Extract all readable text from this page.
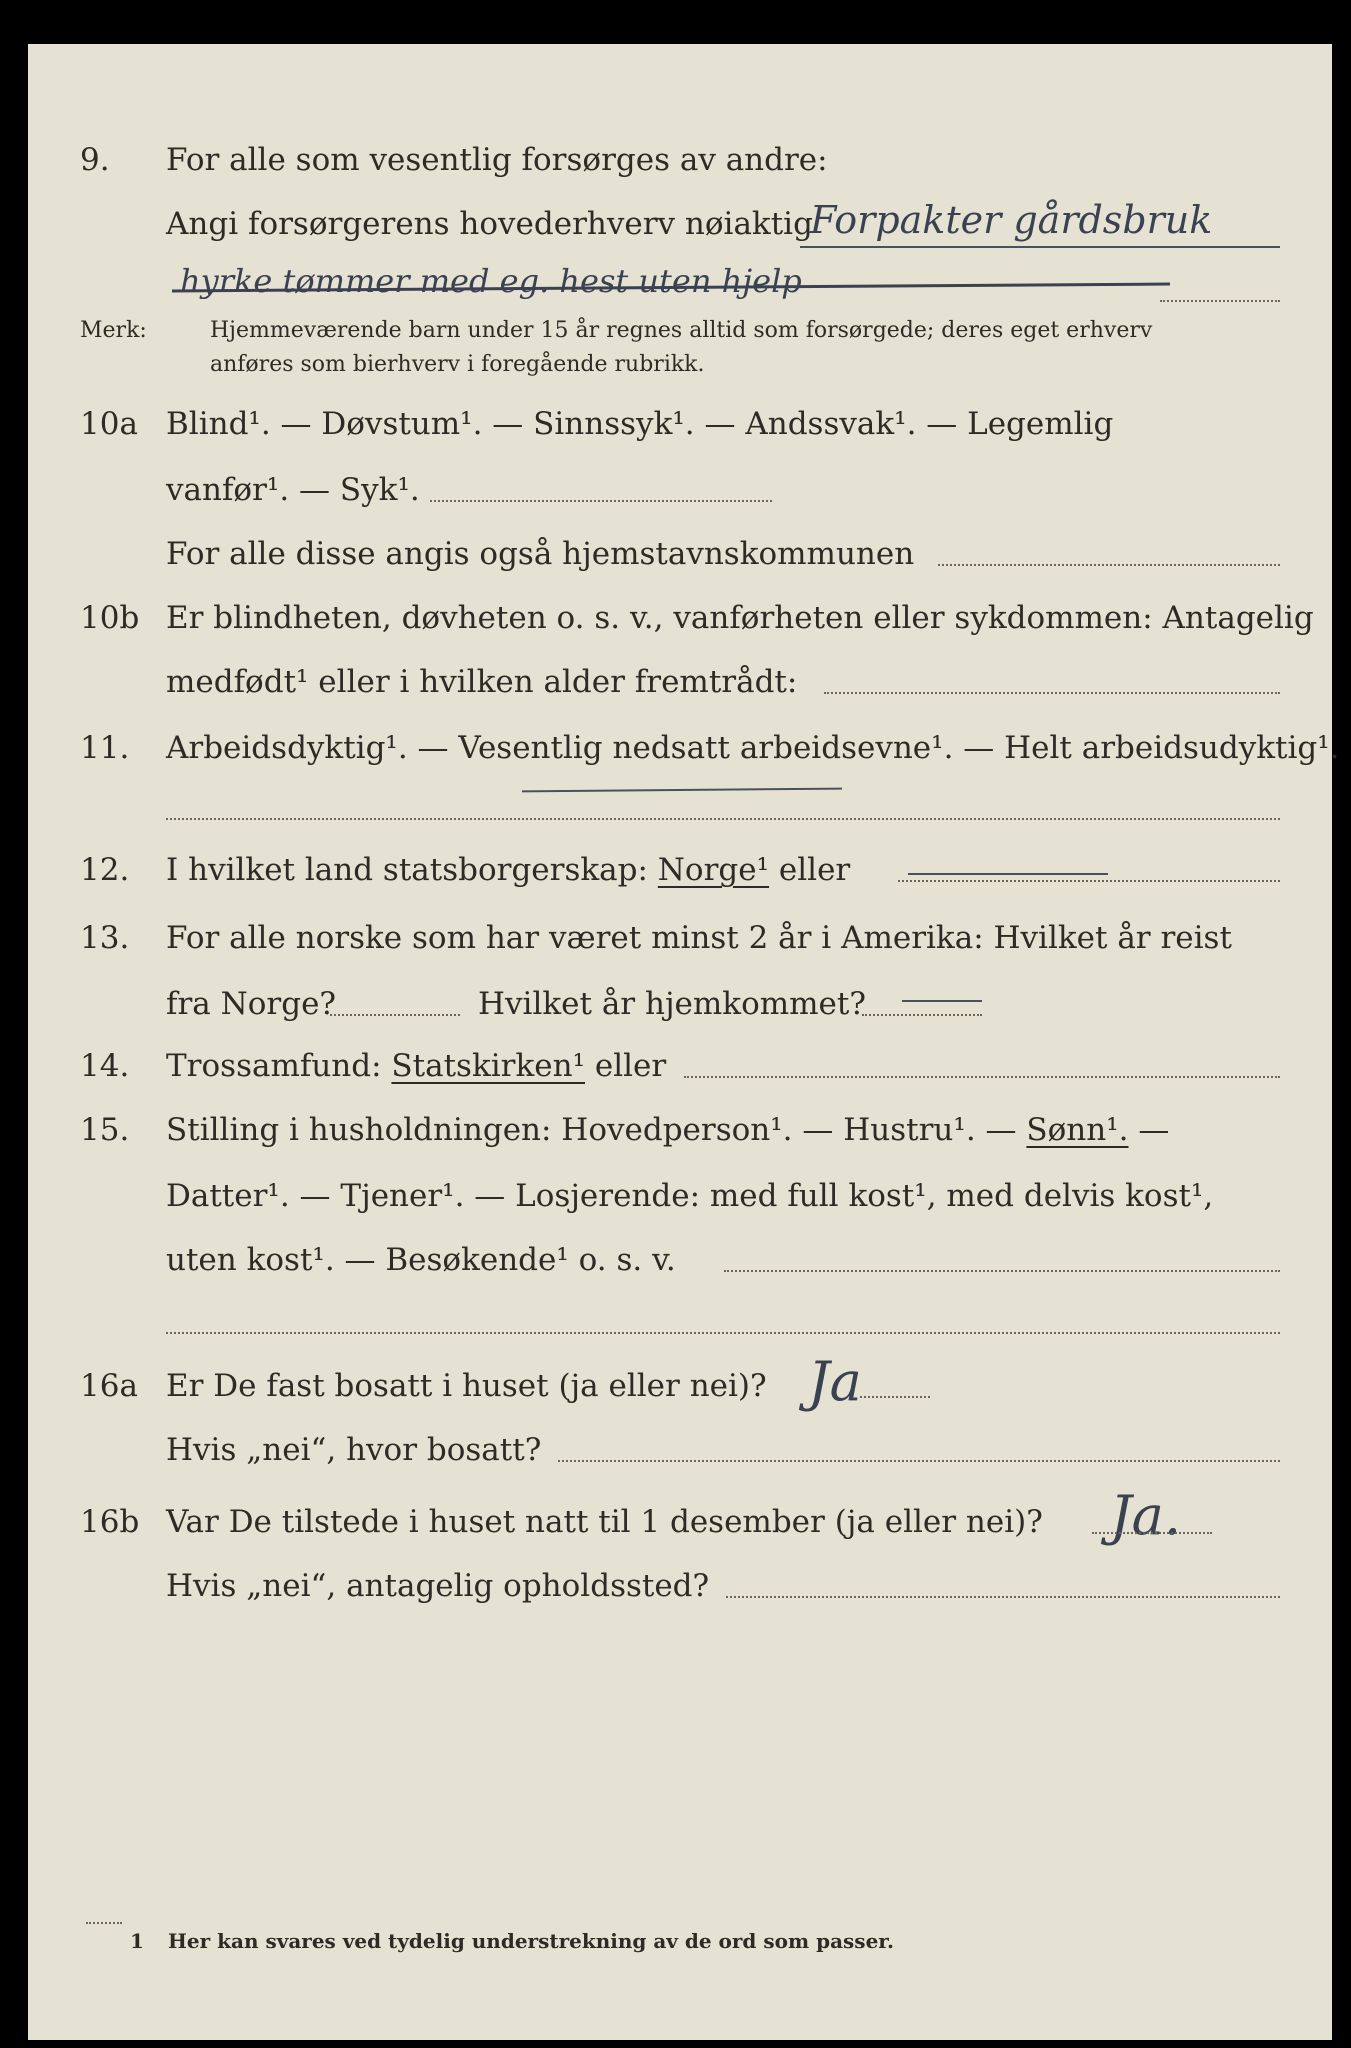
9. For alle som vesentlig forsørges av andre:
Angi forsørgerens hovederhverv nøiaktig
Forpakter gårdsbruk
hyrke tømmer med eg. hest uten hjelp
Merk:	Hjemmeværende barn under 15 år regnes alltid som forsørgede; deres eget erhverv
anføres som bierhverv i foregående rubrikk.
10a Blind¹. — Døvstum¹. — Sinnssyk¹. — Andssvak¹. — Legemlig
vanfør¹. — Syk¹.
For alle disse angis også hjemstavnskommunen
10b Er blindheten, døvheten o. s. v., vanførheten eller sykdommen: Antagelig
medfødt¹ eller i hvilken alder fremtrådt:
11. Arbeidsdyktig¹. — Vesentlig nedsatt arbeidsevne¹. — Helt arbeidsudyktig¹.
12. I hvilket land statsborgerskap: Norge¹ eller
13. For alle norske som har været minst 2 år i Amerika: Hvilket år reist
fra Norge?	Hvilket år hjemkommet?
14. Trossamfund: Statskirken¹ eller
15. Stilling i husholdningen: Hovedperson¹. — Hustru¹. — Sønn¹. —
Datter¹. — Tjener¹. — Losjerende: med full kost¹, med delvis kost¹,
uten kost¹. — Besøkende¹ o. s. v.
16a Er De fast bosatt i huset (ja eller nei)? Ja
Hvis „nei“, hvor bosatt?
16b Var De tilstede i huset natt til 1 desember (ja eller nei)? Ja.
Hvis „nei“, antagelig opholdssted?
1 Her kan svares ved tydelig understrekning av de ord som passer.
